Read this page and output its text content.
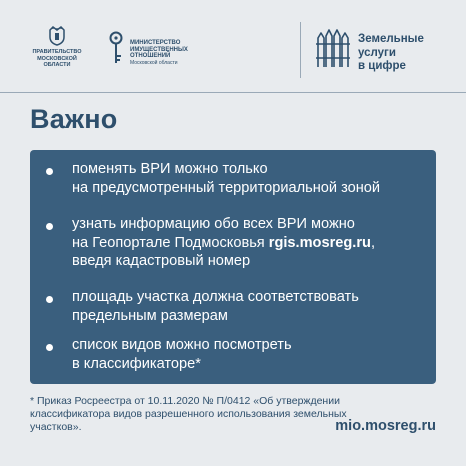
ПРАВИТЕЛЬСТВО
МОСКОВСКОЙ
ОБЛАСТИ
МИНИСТЕРСТВО
ИМУЩЕСТВЕННЫХ
ОТНОШЕНИЙ
Московской области
Земельные
услуги
в цифре
Важно
поменять ВРИ можно только
на предусмотренный территориальной зоной
узнать информацию обо всех ВРИ можно
на Геопортале Подмосковья rgis.mosreg.ru,
введя кадастровый номер
площадь участка должна соответствовать
предельным размерам
список видов можно посмотреть
в классификаторе*
* Приказ Росреестра от 10.11.2020 № П/0412 «Об утверждении
классификатора видов разрешенного использования земельных
участков».	mio.mosreg.ru
